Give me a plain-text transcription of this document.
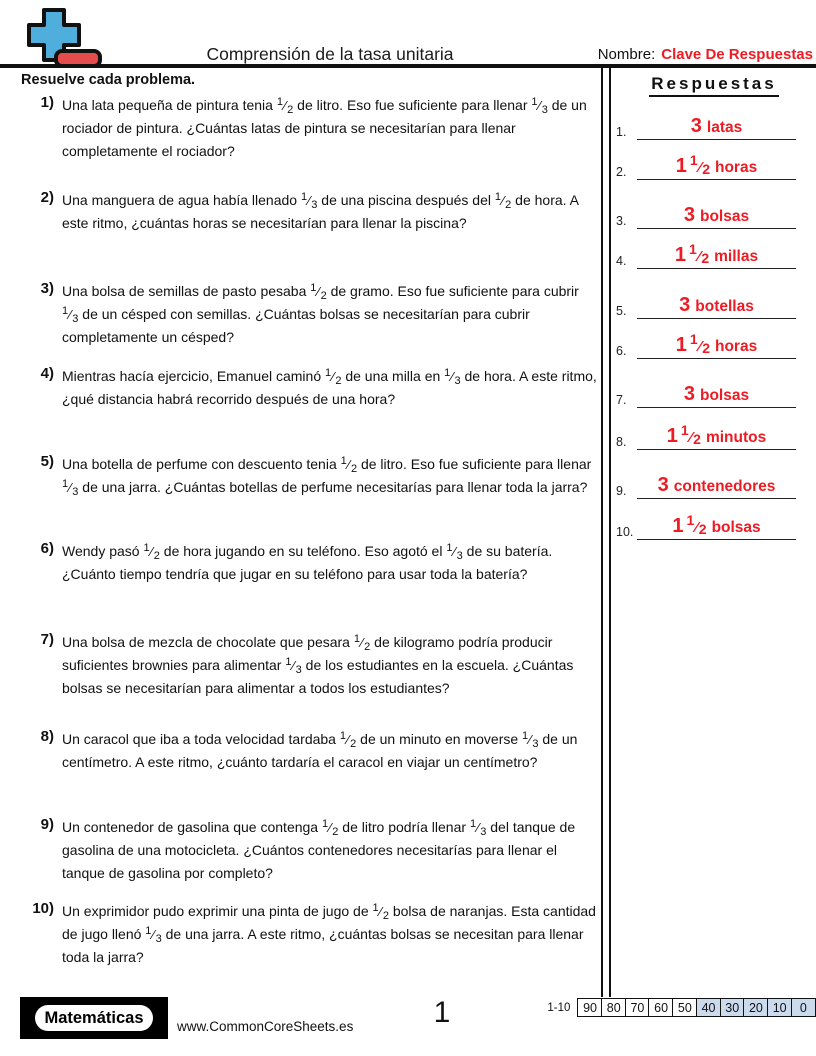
Comprensión de la tasa unitaria	Nombre: Clave De Respuestas
Resuelve cada problema.
1) Una lata pequeña de pintura tenia $^1⁄_2$ de litro. Eso fue suficiente para llenar $^1⁄_3$ de un rociador de pintura. ¿Cuántas latas de pintura se necesitarían para llenar completamente el rociador?
2) Una manguera de agua había llenado $^1⁄_3$ de una piscina después del $^1⁄_2$ de hora. A este ritmo, ¿cuántas horas se necesitarían para llenar la piscina?
3) Una bolsa de semillas de pasto pesaba $^1⁄_2$ de gramo. Eso fue suficiente para cubrir $^1⁄_3$ de un césped con semillas. ¿Cuántas bolsas se necesitarían para cubrir completamente un césped?
4) Mientras hacía ejercicio, Emanuel caminó $^1⁄_2$ de una milla en $^1⁄_3$ de hora. A este ritmo, ¿qué distancia habrá recorrido después de una hora?
5) Una botella de perfume con descuento tenia $^1⁄_2$ de litro. Eso fue suficiente para llenar $^1⁄_3$ de una jarra. ¿Cuántas botellas de perfume necesitarías para llenar toda la jarra?
6) Wendy pasó $^1⁄_2$ de hora jugando en su teléfono. Eso agotó el $^1⁄_3$ de su batería. ¿Cuánto tiempo tendría que jugar en su teléfono para usar toda la batería?
7) Una bolsa de mezcla de chocolate que pesara $^1⁄_2$ de kilogramo podría producir suficientes brownies para alimentar $^1⁄_3$ de los estudiantes en la escuela. ¿Cuántas bolsas se necesitarían para alimentar a todos los estudiantes?
8) Un caracol que iba a toda velocidad tardaba $^1⁄_2$ de un minuto en moverse $^1⁄_3$ de un centímetro. A este ritmo, ¿cuánto tardaría el caracol en viajar un centímetro?
9) Un contenedor de gasolina que contenga $^1⁄_2$ de litro podría llenar $^1⁄_3$ del tanque de gasolina de una motocicleta. ¿Cuántos contenedores necesitarías para llenar el tanque de gasolina por completo?
10) Un exprimidor pudo exprimir una pinta de jugo de $^1⁄_2$ bolsa de naranjas. Esta cantidad de jugo llenó $^1⁄_3$ de una jarra. A este ritmo, ¿cuántas bolsas se necesitan para llenar toda la jarra?
Respuestas
1.	3 latas
2. 1 $^1⁄_2$ horas
3.	3 bolsas
4. 1 $^1⁄_2$ millas
5.	3 botellas
6. 1 $^1⁄_2$ horas
7.	3 bolsas
8. 1 $^1⁄_2$ minutos
9. 3 contenedores
10. 1 $^1⁄_2$ bolsas
Matemáticas	www.CommonCoreSheets.es	1	1-10	90 80 70 60 50 40 30 20 10	0
